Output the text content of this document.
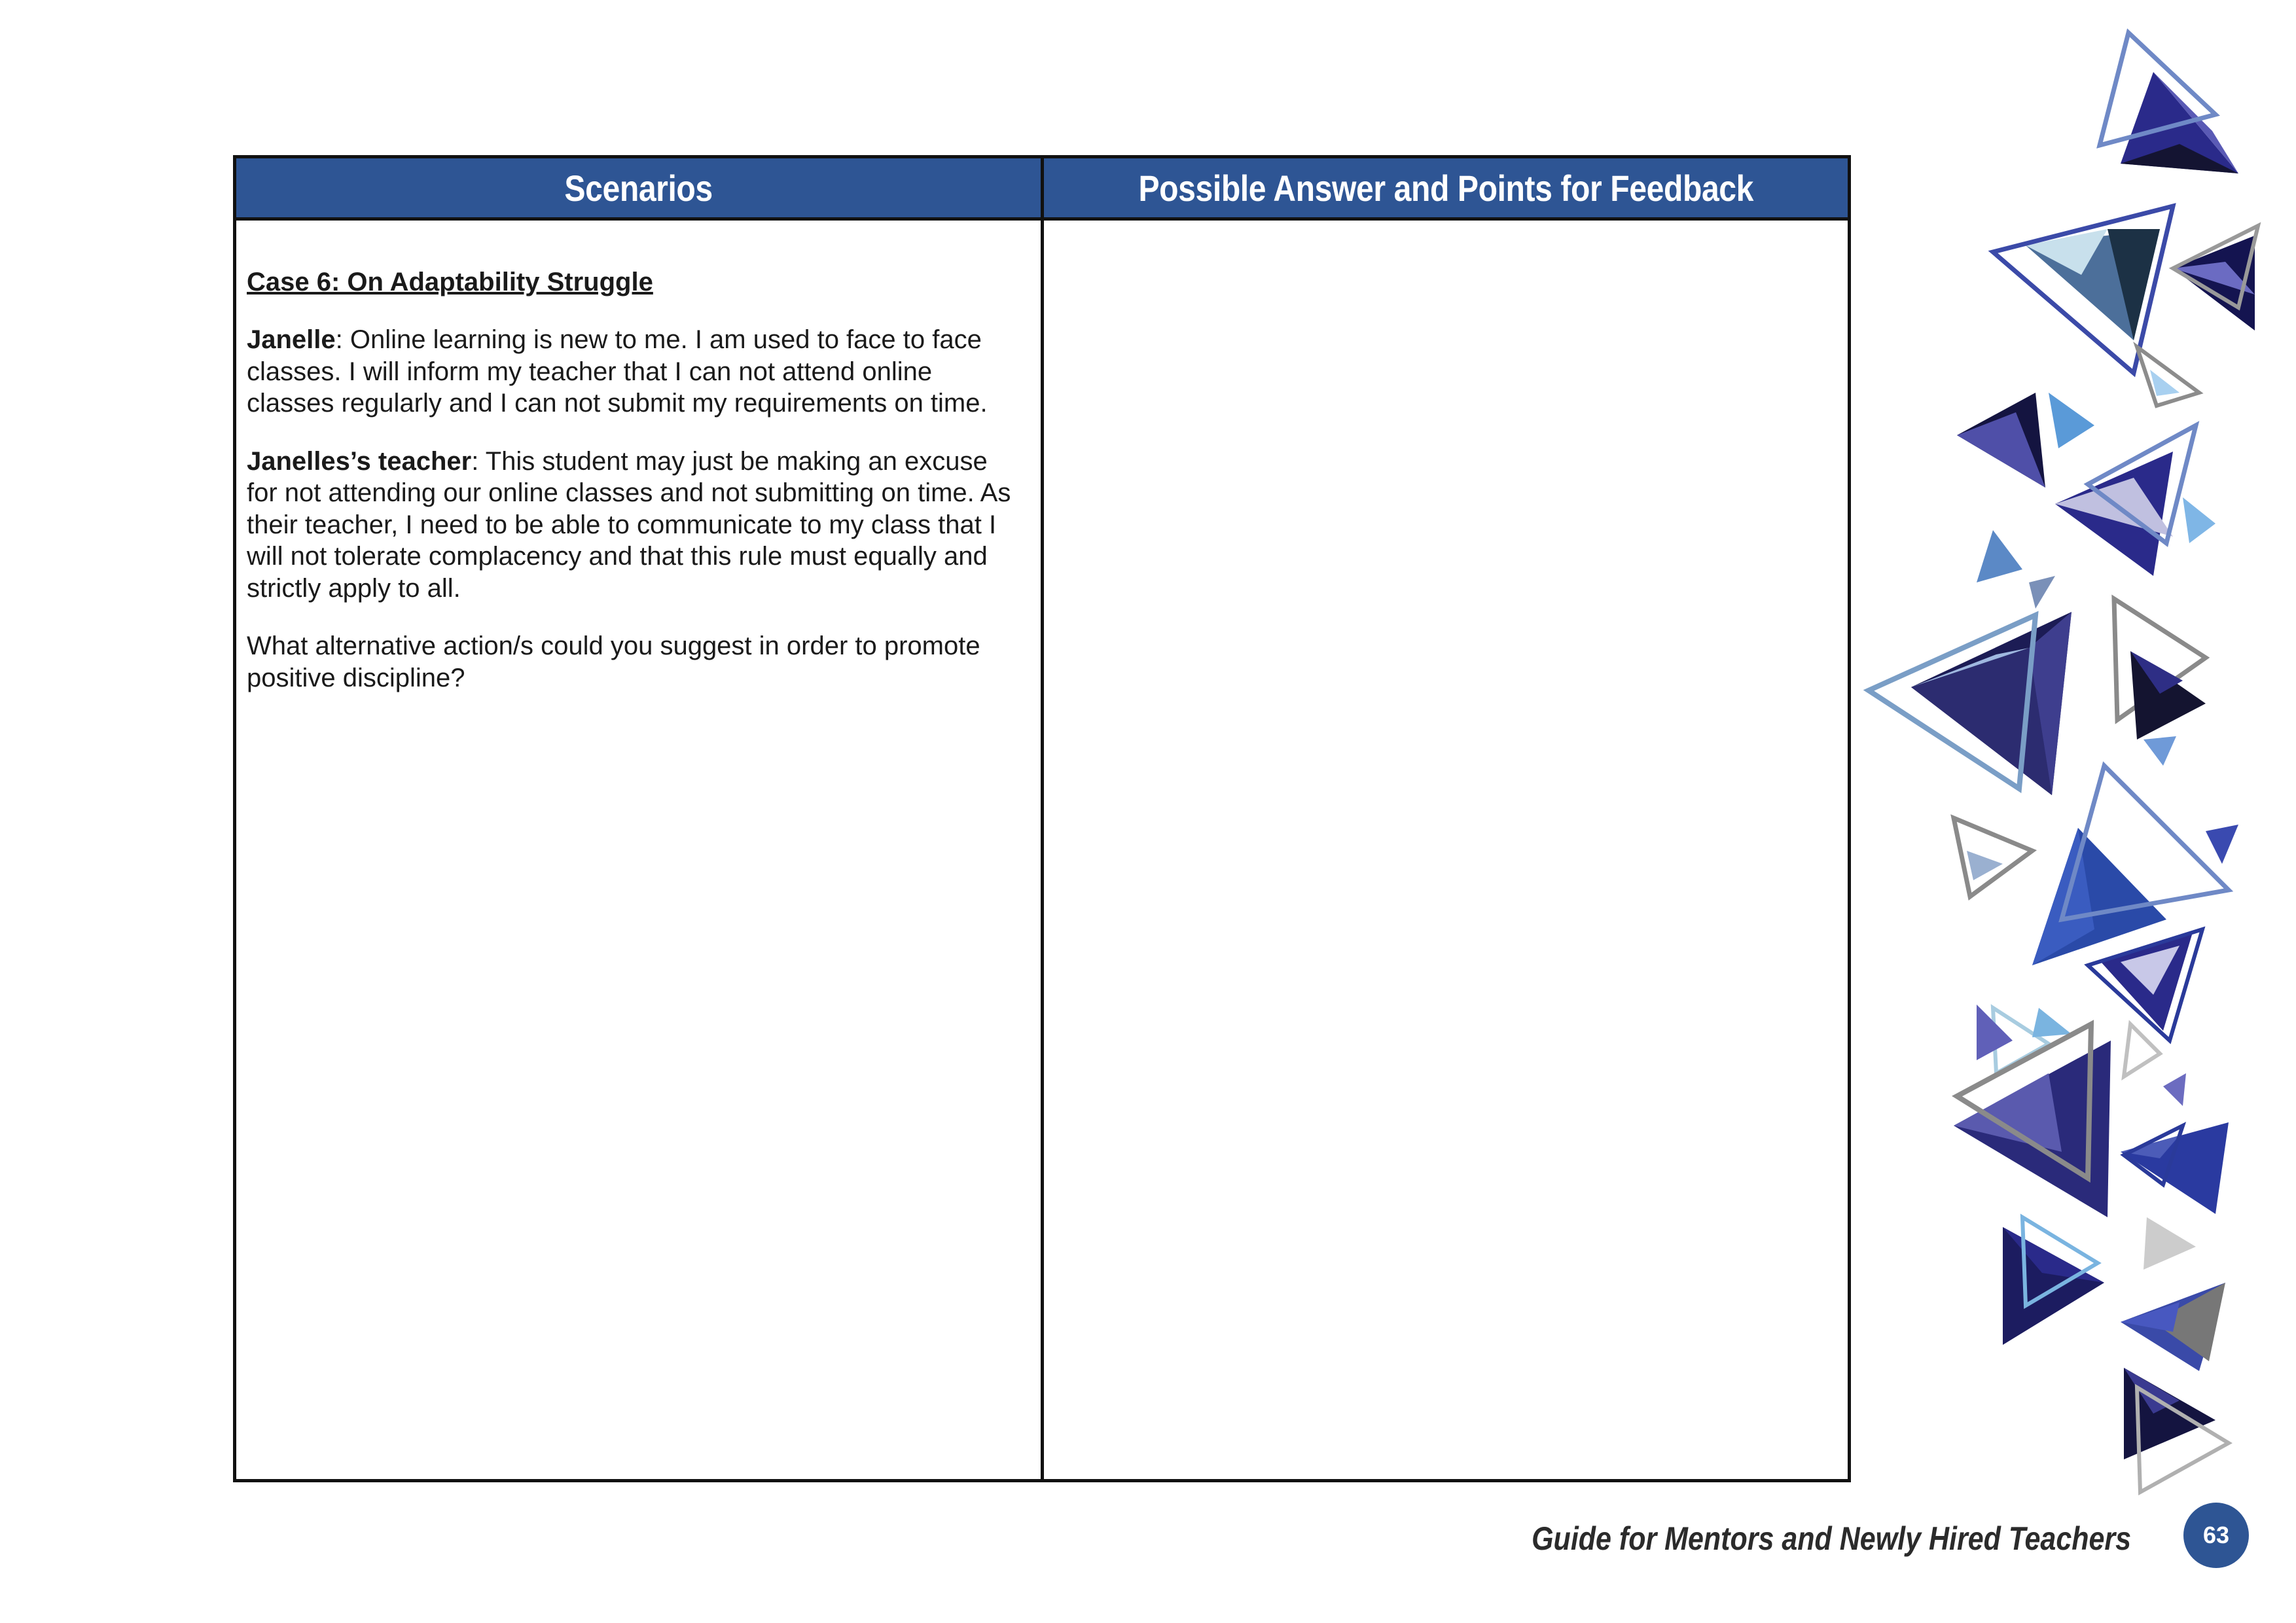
Scenarios	Possible Answer and Points for Feedback

Case 6: On Adaptability Struggle

Janelle: Online learning is new to me. I am used to face to face classes. I will inform my teacher that I can not attend online classes regularly and I can not submit my requirements on time.

Janelles’s teacher: This student may just be making an excuse for not attending our online classes and not submitting on time. As their teacher, I need to be able to communicate to my class that I will not tolerate complacency and that this rule must equally and strictly apply to all.

What alternative action/s could you suggest in order to promote positive discipline?	

Guide for Mentors and Newly Hired Teachers	63
